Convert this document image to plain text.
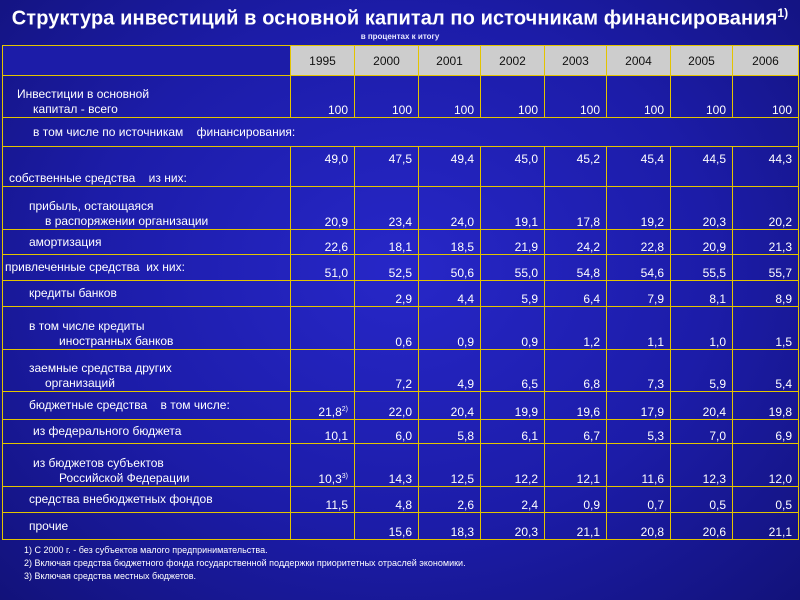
Структура инвестиций в основной капитал по источникам финансирования$^{1)}$
в процентах к итогу
	1995	2000	2001	2002	2003	2004	2005	2006

Инвестиции в основной
капитал - всего	100	100	100	100	100	100	100	100
в том числе по источникам    финансирования:								
собственные средства    из них:	49,0	47,5	49,4	45,0	45,2	45,4	44,5	44,3

прибыль, остающаяся
в распоряжении организации	20,9	23,4	24,0	19,1	17,8	19,2	20,3	20,2
амортизация	22,6	18,1	18,5	21,9	24,2	22,8	20,9	21,3
привлеченные средства  их них:	51,0	52,5	50,6	55,0	54,8	54,6	55,5	55,7
кредиты банков		2,9	4,4	5,9	6,4	7,9	8,1	8,9

в том числе кредиты
иностранных банков		0,6	0,9	0,9	1,2	1,1	1,0	1,5

заемные средства других
организаций		7,2	4,9	6,5	6,8	7,3	5,9	5,4
бюджетные средства    в том числе:	21,8$^{2)}$	22,0	20,4	19,9	19,6	17,9	20,4	19,8
из федерального бюджета	10,1	6,0	5,8	6,1	6,7	5,3	7,0	6,9

из бюджетов субъектов
Российской Федерации	10,3$^{3)}$	14,3	12,5	12,2	12,1	11,6	12,3	12,0
средства внебюджетных фондов	11,5	4,8	2,6	2,4	0,9	0,7	0,5	0,5
прочие		15,6	18,3	20,3	21,1	20,8	20,6	21,1
1) С 2000 г. - без субъектов малого предпринимательства.
2) Включая средства бюджетного фонда государственной поддержки приоритетных отраслей экономики.
3) Включая средства местных бюджетов.
